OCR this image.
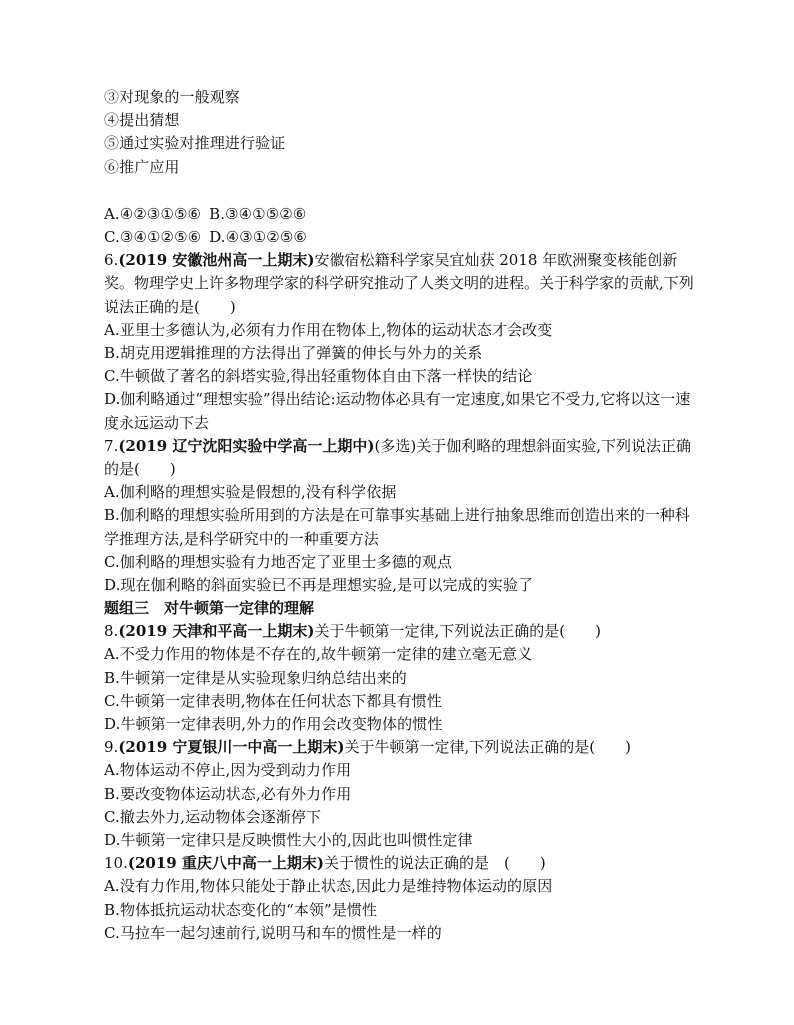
③对现象的一般观察
④提出猜想
⑤通过实验对推理进行验证
⑥推广应用
A.④②③①⑤⑥ B.③④①⑤②⑥
C.③④①②⑤⑥ D.④③①②⑤⑥
6.(2019 安徽池州高一上期末)安徽宿松籍科学家吴宜灿获 2018 年欧洲聚变核能创新奖。物理学史上许多物理学家的科学研究推动了人类文明的进程。关于科学家的贡献,下列说法正确的是(　　)
A.亚里士多德认为,必须有力作用在物体上,物体的运动状态才会改变
B.胡克用逻辑推理的方法得出了弹簧的伸长与外力的关系
C.牛顿做了著名的斜塔实验,得出轻重物体自由下落一样快的结论
D.伽利略通过“理想实验”得出结论:运动物体必具有一定速度,如果它不受力,它将以这一速度永远运动下去
7.(2019 辽宁沈阳实验中学高一上期中)(多选)关于伽利略的理想斜面实验,下列说法正确的是(　　)
A.伽利略的理想实验是假想的,没有科学依据
B.伽利略的理想实验所用到的方法是在可靠事实基础上进行抽象思维而创造出来的一种科学推理方法,是科学研究中的一种重要方法
C.伽利略的理想实验有力地否定了亚里士多德的观点
D.现在伽利略的斜面实验已不再是理想实验,是可以完成的实验了
题组三　对牛顿第一定律的理解
8.(2019 天津和平高一上期末)关于牛顿第一定律,下列说法正确的是(　　)
A.不受力作用的物体是不存在的,故牛顿第一定律的建立毫无意义
B.牛顿第一定律是从实验现象归纳总结出来的
C.牛顿第一定律表明,物体在任何状态下都具有惯性
D.牛顿第一定律表明,外力的作用会改变物体的惯性
9.(2019 宁夏银川一中高一上期末)关于牛顿第一定律,下列说法正确的是(　　)
A.物体运动不停止,因为受到动力作用
B.要改变物体运动状态,必有外力作用
C.撤去外力,运动物体会逐渐停下
D.牛顿第一定律只是反映惯性大小的,因此也叫惯性定律
10.(2019 重庆八中高一上期末)关于惯性的说法正确的是　(　　)
A.没有力作用,物体只能处于静止状态,因此力是维持物体运动的原因
B.物体抵抗运动状态变化的“本领”是惯性
C.马拉车一起匀速前行,说明马和车的惯性是一样的
